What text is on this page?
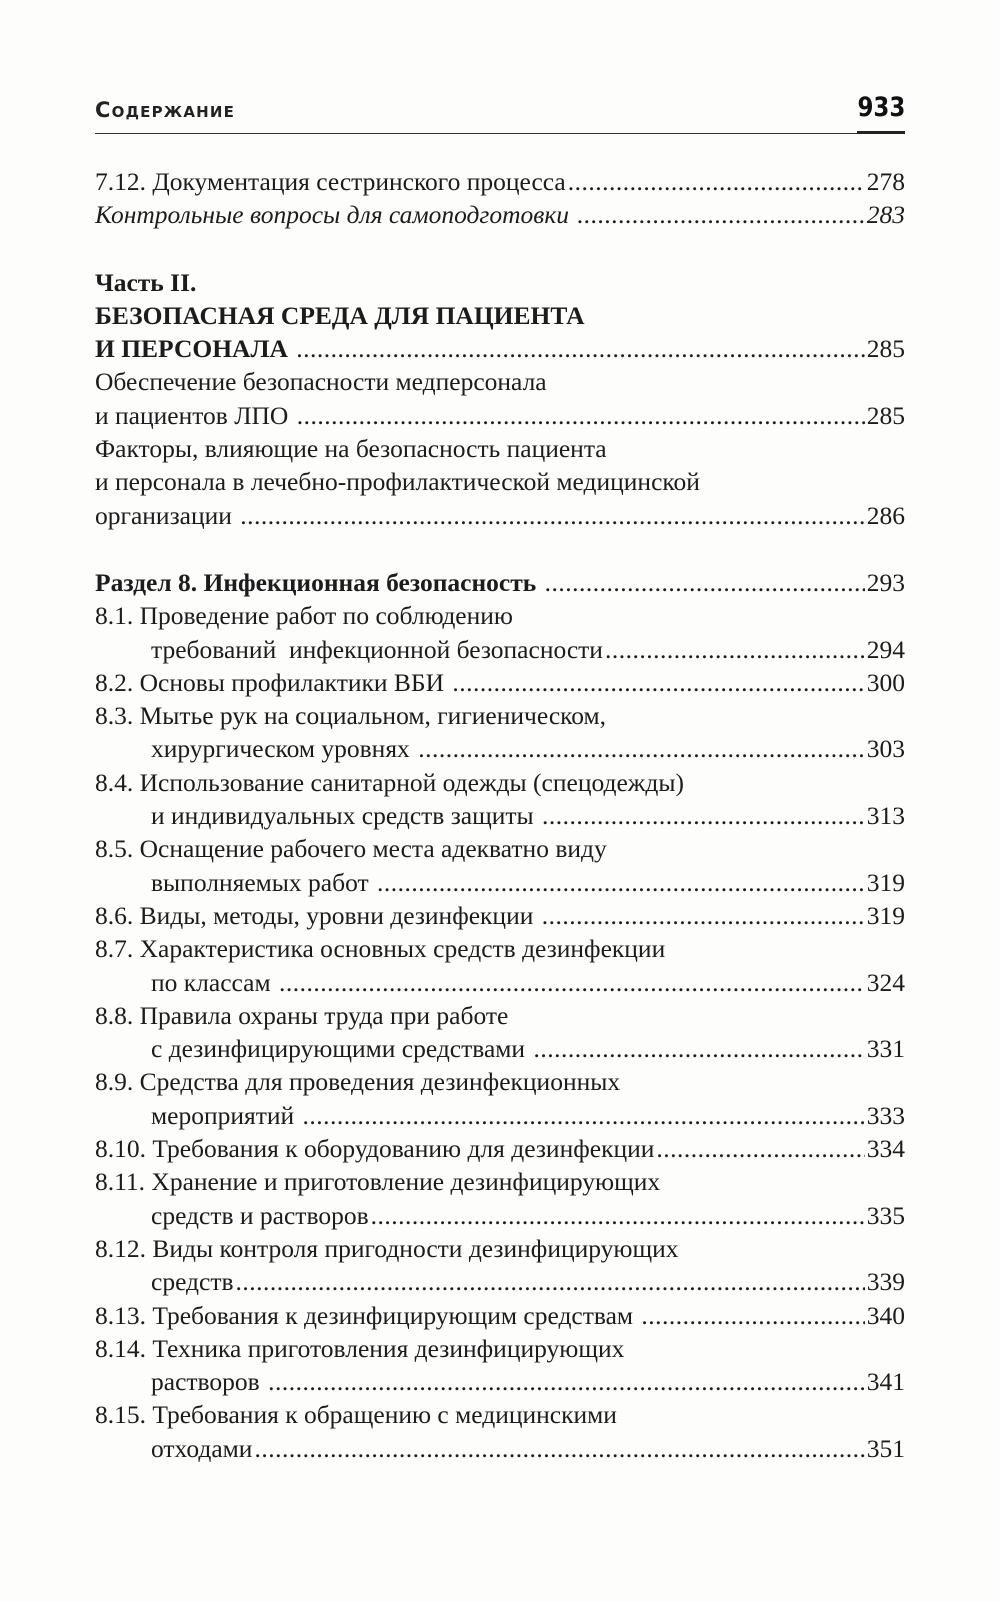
Содержание	933
7.12. Документация сестринского процесса .....	278
Контрольные вопросы для самоподготовки .....	283
Часть II.
БЕЗОПАСНАЯ СРЕДА ДЛЯ ПАЦИЕНТА
И ПЕРСОНАЛА .....	285
Обеспечение безопасности медперсонала
и пациентов ЛПО .....	285
Факторы, влияющие на безопасность пациента
и персонала в лечебно-профилактической медицинской
организации .....	286
Раздел 8. Инфекционная безопасность .....	293
8.1. Проведение работ по соблюдению
требований  инфекционной безопасности .....	294
8.2. Основы профилактики ВБИ .....	300
8.3. Мытье рук на социальном, гигиеническом,
хирургическом уровнях .....	303
8.4. Использование санитарной одежды (спецодежды)
и индивидуальных средств защиты .....	313
8.5. Оснащение рабочего места адекватно виду
выполняемых работ .....	319
8.6. Виды, методы, уровни дезинфекции .....	319
8.7. Характеристика основных средств дезинфекции
по классам .....	324
8.8. Правила охраны труда при работе
с дезинфицирующими средствами .....	331
8.9. Средства для проведения дезинфекционных
мероприятий .....	333
8.10. Требования к оборудованию для дезинфекции .....	334
8.11. Хранение и приготовление дезинфицирующих
средств и растворов .....	335
8.12. Виды контроля пригодности дезинфицирующих
средств .....	339
8.13. Требования к дезинфицирующим средствам .....	340
8.14. Техника приготовления дезинфицирующих
растворов .....	341
8.15. Требования к обращению с медицинскими
отходами .....	351
